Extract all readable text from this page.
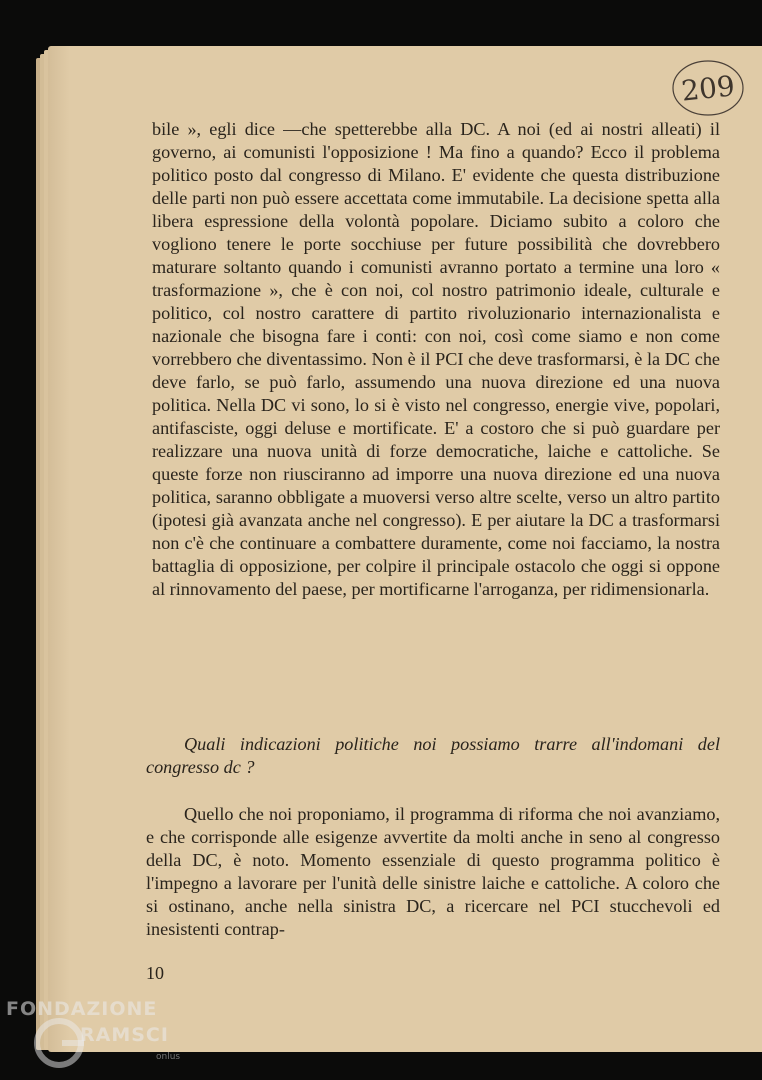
209

bile », egli dice —che spetterebbe alla DC. A noi (ed ai nostri alleati) il governo, ai comunisti l'opposizione ! Ma fino a quando? Ecco il problema politico posto dal congresso di Milano. E' evidente che questa distribuzione delle parti non può essere accettata come immutabile. La decisione spetta alla libera espressione della volontà popolare. Diciamo subito a coloro che vogliono tenere le porte socchiuse per future possibilità che dovrebbero maturare soltanto quando i comunisti avranno portato a termine una loro « trasformazione », che è con noi, col nostro patrimonio ideale, culturale e politico, col nostro carattere di partito rivoluzionario internazionalista e nazionale che bisogna fare i conti: con noi, così come siamo e non come vorrebbero che diventassimo. Non è il PCI che deve trasformarsi, è la DC che deve farlo, se può farlo, assumendo una nuova direzione ed una nuova politica. Nella DC vi sono, lo si è visto nel congresso, energie vive, popolari, antifasciste, oggi deluse e mortificate. E' a costoro che si può guardare per realizzare una nuova unità di forze democratiche, laiche e cattoliche. Se queste forze non riusciranno ad imporre una nuova direzione ed una nuova politica, saranno obbligate a muoversi verso altre scelte, verso un altro partito (ipotesi già avanzata anche nel congresso). E per aiutare la DC a trasformarsi non c'è che continuare a combattere duramente, come noi facciamo, la nostra battaglia di opposizione, per colpire il principale ostacolo che oggi si oppone al rinnovamento del paese, per mortificarne l'arroganza, per ridimensionarla.

Quali indicazioni politiche noi possiamo trarre all'indomani del congresso dc ?

Quello che noi proponiamo, il programma di riforma che noi avanziamo, e che corrisponde alle esigenze avvertite da molti anche in seno al congresso della DC, è noto. Momento essenziale di questo programma politico è l'impegno a lavorare per l'unità delle sinistre laiche e cattoliche. A coloro che si ostinano, anche nella sinistra DC, a ricercare nel PCI stucchevoli ed inesistenti contrap-

10
FONDAZIONE
RAMSCI
onlus
